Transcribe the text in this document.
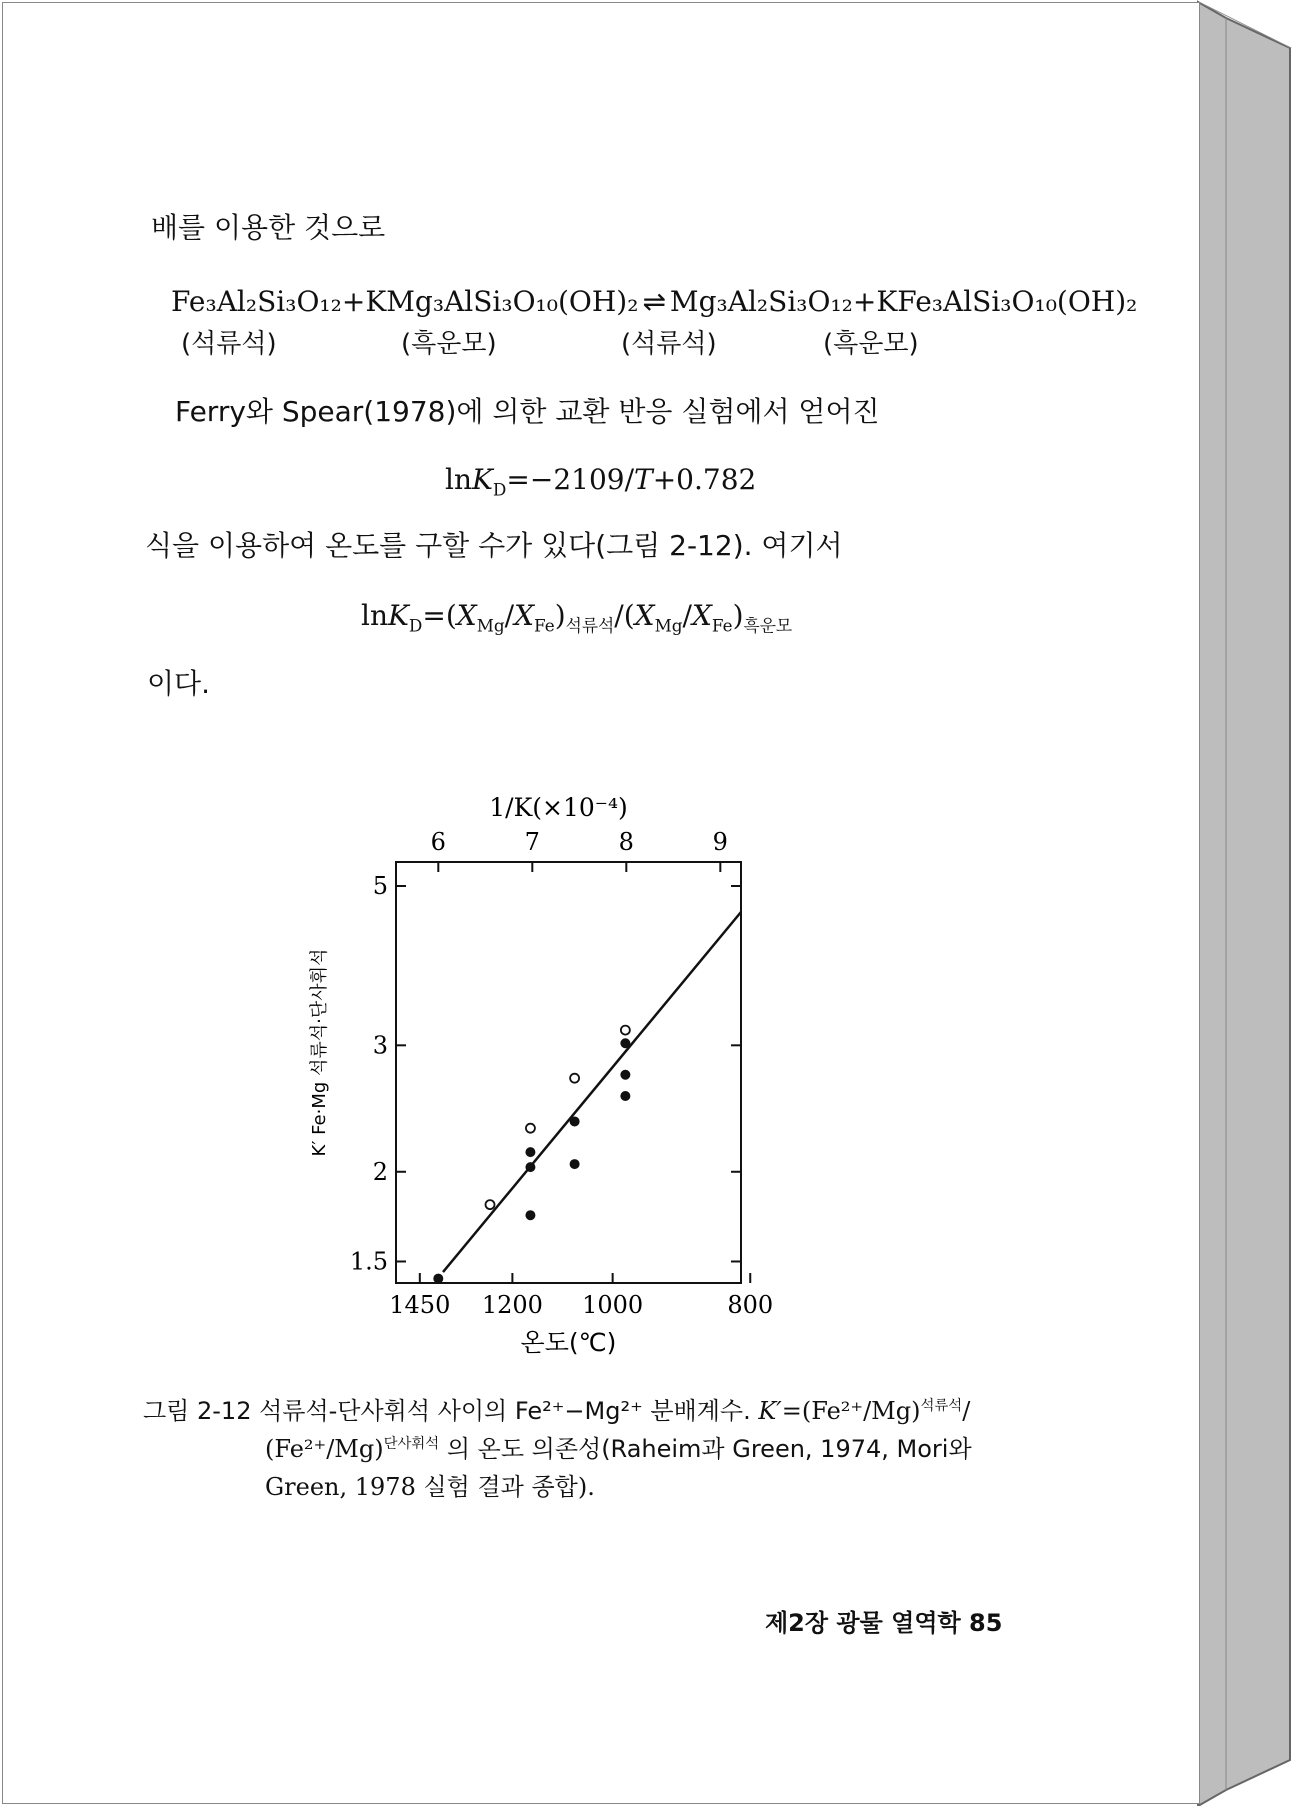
배를 이용한 것으로
Fe₃Al₂Si₃O₁₂+KMg₃AlSi₃O₁₀(OH)₂ ⇌ Mg₃Al₂Si₃O₁₂+KFe₃AlSi₃O₁₀(OH)₂
(석류석)	(흑운모)	(석류석)	(흑운모)
Ferry와 Spear(1978)에 의한 교환 반응 실험에서 얻어진
lnK$_D$=−2109/T+0.782
식을 이용하여 온도를 구할 수가 있다(그림 2-12). 여기서
$\ln K_D=(X_{Mg}/X_{Fe})_{석류석}/(X_{Mg}/X_{Fe})_{흑운모}$
이다.
6	7	8	9
1/K(×10⁻⁴)
1450 1200 1000	800
온도(℃)
5
3
2
1.5
K′ Fe·Mg 석류석·단사휘석
그림 2-12 석류석-단사휘석 사이의 Fe²⁺−Mg²⁺ 분배계수. $K'=(Fe^{2+}/Mg)^{석류석}/$
$(Fe^{2+}/Mg)^{단사휘석}$ 의 온도 의존성(Raheim과 Green, 1974, Mori와
Green, 1978 실험 결과 종합).
제2장 광물 열역학 85
